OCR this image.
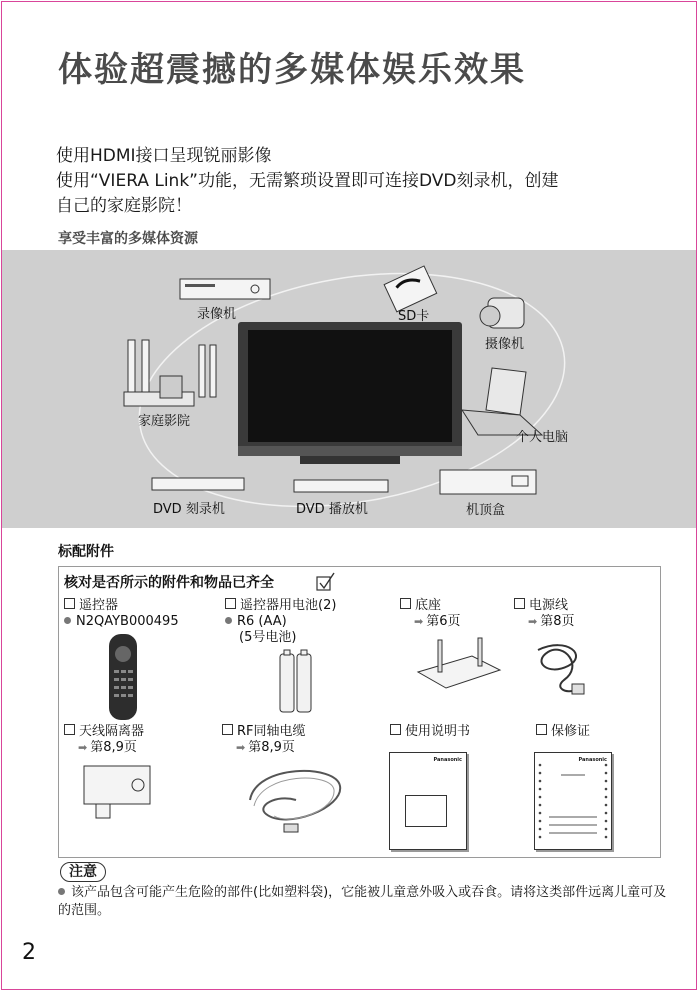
体验超震撼的多媒体娱乐效果
使用HDMI接口呈现锐丽影像
使用“VIERA Link”功能，无需繁琐设置即可连接DVD刻录机，创建
自己的家庭影院！
享受丰富的多媒体资源
录像机	SD卡
摄像机
家庭影院
个人电脑
DVD 刻录机	DVD 播放机	机顶盒
标配附件
核对是否所示的附件和物品已齐全
遥控器
N2QAYB000495
遥控器用电池(2)
R6 (AA)
(5号电池)
底座
➡ 第6页
电源线
➡ 第8页
天线隔离器
➡ 第8,9页
RF同轴电缆
➡ 第8,9页
使用说明书	保修证
Panasonic	Panasonic
注意
该产品包含可能产生危险的部件(比如塑料袋)，它能被儿童意外吸入或吞食。请将这类部件远离儿童可及的范围。
2
